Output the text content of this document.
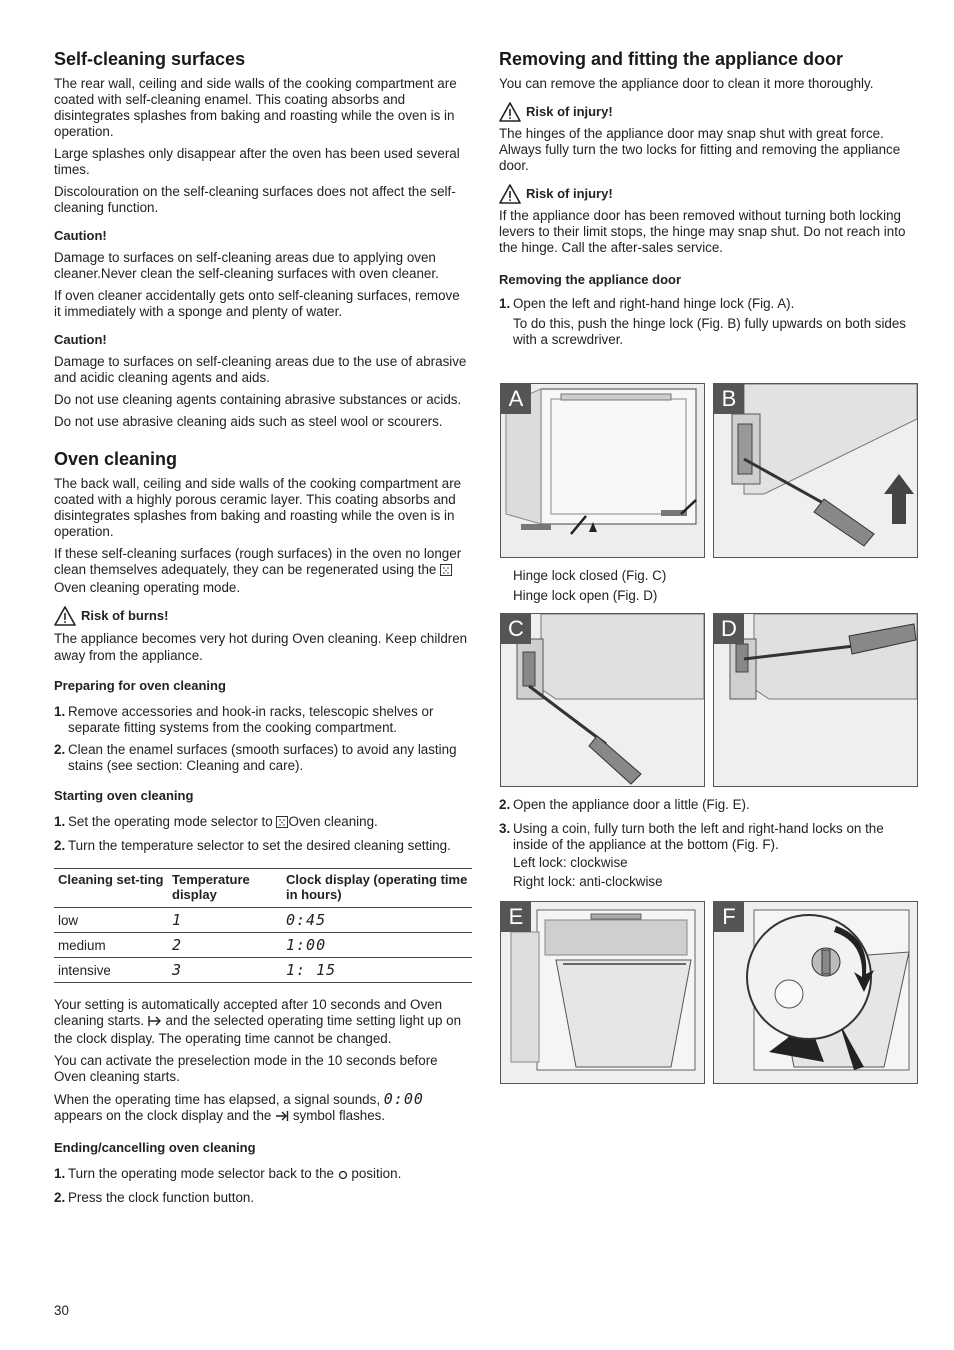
Self-cleaning surfaces

The rear wall, ceiling and side walls of the cooking compartment are coated with self-cleaning enamel. This coating absorbs and disintegrates splashes from baking and roasting while the oven is in operation.

Large splashes only disappear after the oven has been used several times.

Discolouration on the self-cleaning surfaces does not affect the self-cleaning function.

Caution!

Damage to surfaces on self-cleaning areas due to applying oven cleaner.Never clean the self-cleaning surfaces with oven cleaner.

If oven cleaner accidentally gets onto self-cleaning surfaces, remove it immediately with a sponge and plenty of water.

Caution!

Damage to surfaces on self-cleaning areas due to the use of abrasive and acidic cleaning agents and aids.

Do not use cleaning agents containing abrasive substances or acids.

Do not use abrasive cleaning aids such as steel wool or scourers.

Oven cleaning

The back wall, ceiling and side walls of the cooking compartment are coated with a highly porous ceramic layer. This coating absorbs and disintegrates splashes from baking and roasting while the oven is in operation.

If these self-cleaning surfaces (rough surfaces) in the oven no longer clean themselves adequately, they can be regenerated using the  Oven cleaning operating mode.

Risk of burns!

The appliance becomes very hot during Oven cleaning. Keep children away from the appliance.

Preparing for oven cleaning
1. Remove accessories and hook-in racks, telescopic shelves or separate fitting systems from the cooking compartment.
2. Clean the enamel surfaces (smooth surfaces) to avoid any lasting stains (see section: Cleaning and care).
Starting oven cleaning
1. Set the operating mode selector to Oven cleaning.
2. Turn the temperature selector to set the desired cleaning setting.
Cleaning set-ting	Temperature display	Clock display (operating time in hours)
low	1	0:45
medium	2	1:00
intensive	3	1: 15

Your setting is automatically accepted after 10 seconds and Oven cleaning starts.  and the selected operating time setting light up on the clock display. The operating time cannot be changed.

You can activate the preselection mode in the 10 seconds before Oven cleaning starts.

When the operating time has elapsed, a signal sounds, 0:00 appears on the clock display and the  symbol flashes.

Ending/cancelling oven cleaning
1. Turn the operating mode selector back to the  position.
2. Press the clock function button.
Removing and fitting the appliance door

You can remove the appliance door to clean it more thoroughly.

Risk of injury!

The hinges of the appliance door may snap shut with great force. Always fully turn the two locks for fitting and removing the appliance door.

Risk of injury!

If the appliance door has been removed without turning both locking levers to their limit stops, the hinge may snap shut. Do not reach into the hinge. Call the after-sales service.

Removing the appliance door
1. Open the left and right-hand hinge lock (Fig. A).

To do this, push the hinge lock (Fig. B) fully upwards on both sides with a screwdriver.

A	B

Hinge lock closed (Fig. C)

Hinge lock open (Fig. D)

C	D
2. Open the appliance door a little (Fig. E).
3. Using a coin, fully turn both the left and right-hand locks on the inside of the appliance at the bottom (Fig. F).

Left lock: clockwise

Right lock: anti-clockwise

E	F
30
